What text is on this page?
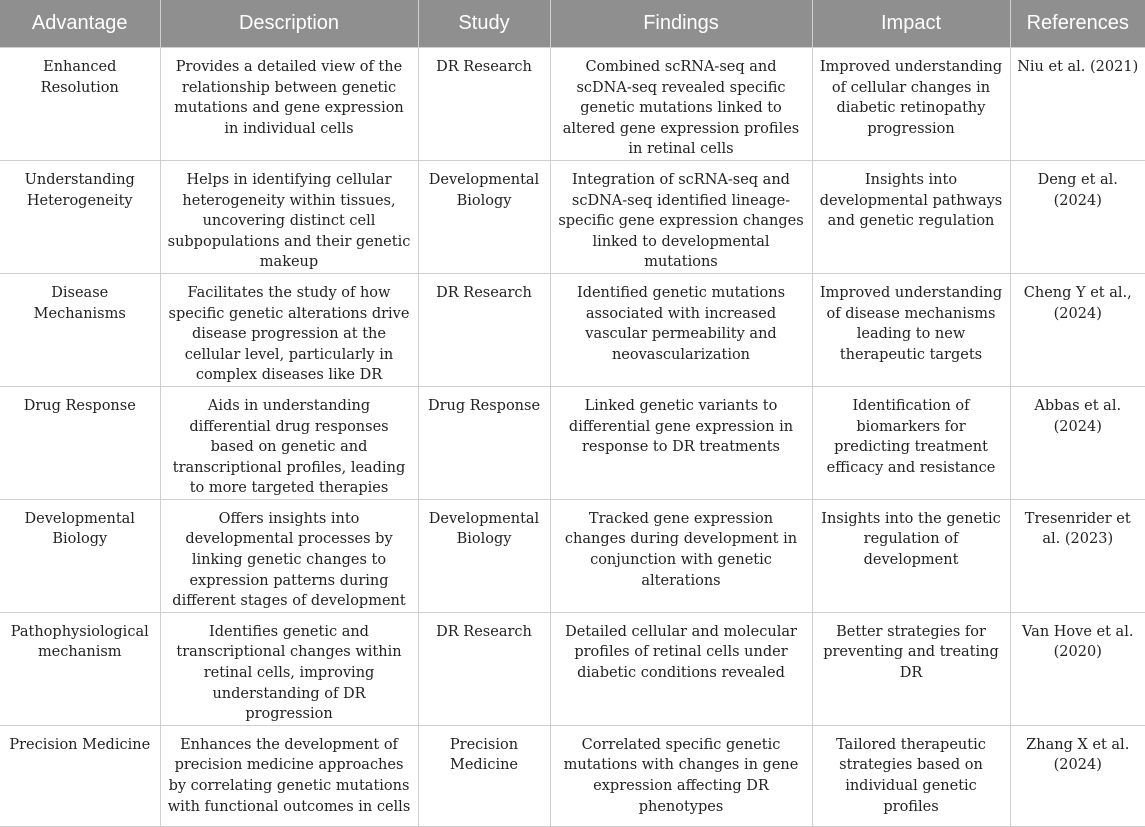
Advantage	Description	Study	Findings	Impact	References
Enhanced Resolution	Provides a detailed view of the relationship between genetic mutations and gene expression in individual cells	DR Research	Combined scRNA-seq and scDNA-seq revealed specific genetic mutations linked to altered gene expression profiles in retinal cells	Improved understanding of cellular changes in diabetic retinopathy progression	Niu et al. (2021)
Understanding Heterogeneity	Helps in identifying cellular heterogeneity within tissues, uncovering distinct cell subpopulations and their genetic makeup	Developmental Biology	Integration of scRNA-seq and scDNA-seq identified lineage-specific gene expression changes linked to developmental mutations	Insights into developmental pathways and genetic regulation	Deng et al. (2024)
Disease Mechanisms	Facilitates the study of how specific genetic alterations drive disease progression at the cellular level, particularly in complex diseases like DR	DR Research	Identified genetic mutations associated with increased vascular permeability and neovascularization	Improved understanding of disease mechanisms leading to new therapeutic targets	Cheng Y et al., (2024)
Drug Response	Aids in understanding differential drug responses based on genetic and transcriptional profiles, leading to more targeted therapies	Drug Response	Linked genetic variants to differential gene expression in response to DR treatments	Identification of biomarkers for predicting treatment efficacy and resistance	Abbas et al. (2024)
Developmental Biology	Offers insights into developmental processes by linking genetic changes to expression patterns during different stages of development	Developmental Biology	Tracked gene expression changes during development in conjunction with genetic alterations	Insights into the genetic regulation of development	Tresenrider et al. (2023)
Pathophysiological mechanism	Identifies genetic and transcriptional changes within retinal cells, improving understanding of DR progression	DR Research	Detailed cellular and molecular profiles of retinal cells under diabetic conditions revealed	Better strategies for preventing and treating DR	Van Hove et al. (2020)
Precision Medicine	Enhances the development of precision medicine approaches by correlating genetic mutations with functional outcomes in cells	Precision Medicine	Correlated specific genetic mutations with changes in gene expression affecting DR phenotypes	Tailored therapeutic strategies based on individual genetic profiles	Zhang X et al. (2024)
